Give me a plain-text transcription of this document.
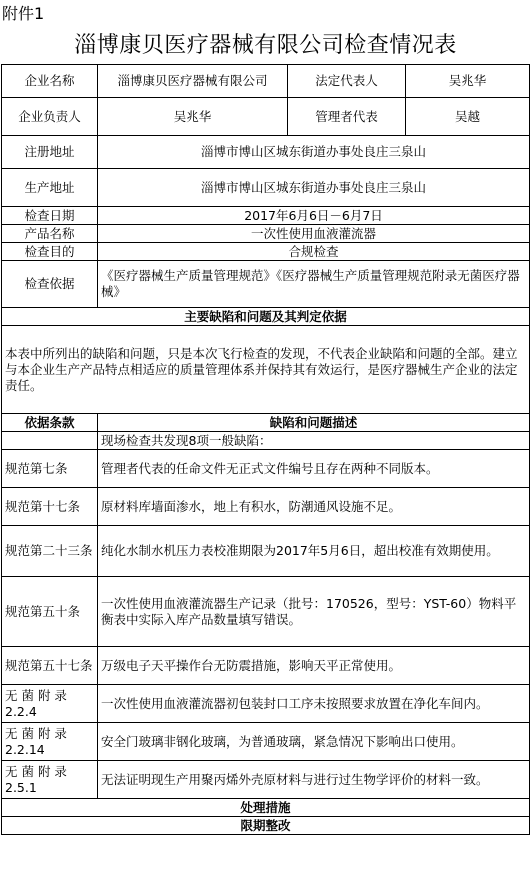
附件1
淄博康贝医疗器械有限公司检查情况表
企业名称	淄博康贝医疗器械有限公司	法定代表人	吴兆华
企业负责人	吴兆华	管理者代表	吴越
注册地址	淄博市博山区城东街道办事处良庄三泉山		
生产地址	淄博市博山区城东街道办事处良庄三泉山		
检查日期	2017年6月6日－6月7日		
产品名称	一次性使用血液灌流器		
检查目的	合规检查		
检查依据	《医疗器械生产质量管理规范》《医疗器械生产质量管理规范附录无菌医疗器械》		
主要缺陷和问题及其判定依据			
本表中所列出的缺陷和问题，只是本次飞行检查的发现，不代表企业缺陷和问题的全部。建立与本企业生产产品特点相适应的质量管理体系并保持其有效运行，是医疗器械生产企业的法定责任。			
依据条款	缺陷和问题描述		
	现场检查共发现8项一般缺陷：		
规范第七条	管理者代表的任命文件无正式文件编号且存在两种不同版本。		
规范第十七条	原材料库墙面渗水，地上有积水，防潮通风设施不足。		
规范第二十三条	纯化水制水机压力表校准期限为2017年5月6日，超出校准有效期使用。		
规范第五十条	一次性使用血液灌流器生产记录（批号：170526，型号：YST-60）物料平衡表中实际入库产品数量填写错误。		
规范第五十七条	万级电子天平操作台无防震措施，影响天平正常使用。		
无 菌 附 录2.2.4	一次性使用血液灌流器初包装封口工序未按照要求放置在净化车间内。		
无 菌 附 录2.2.14	安全门玻璃非钢化玻璃，为普通玻璃，紧急情况下影响出口使用。		
无 菌 附 录2.5.1	无法证明现生产用聚丙烯外壳原材料与进行过生物学评价的材料一致。		
处理措施			
限期整改			
